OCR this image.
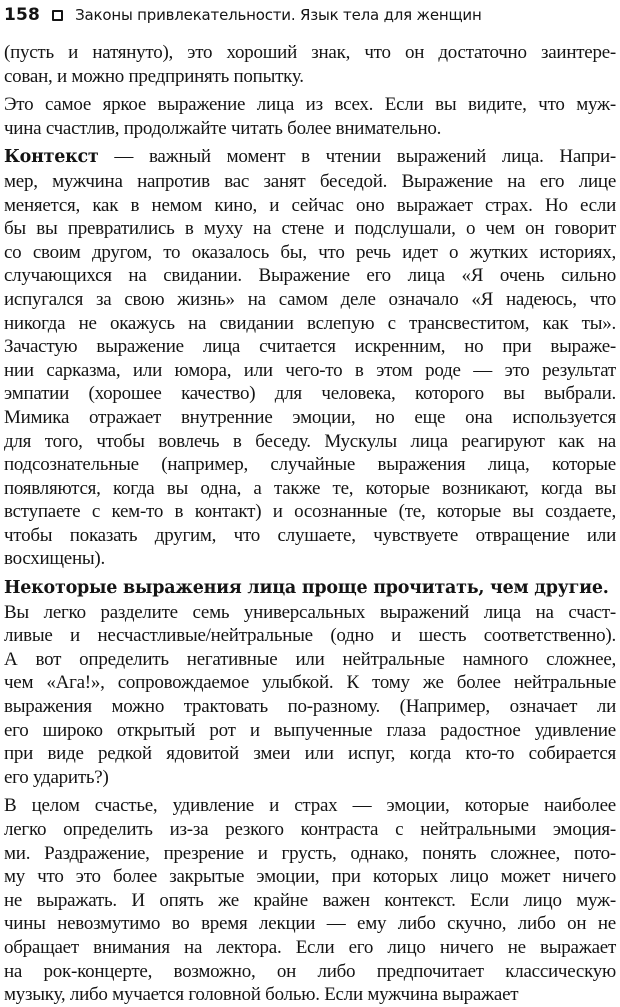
158 Законы привлекательности. Язык тела для женщин
(пусть и натянуто), это хороший знак, что он достаточно заинтере-
сован, и можно предпринять попытку.
Это самое яркое выражение лица из всех. Если вы видите, что муж-
чина счастлив, продолжайте читать более внимательно.
Контекст — важный момент в чтении выражений лица. Напри-
мер, мужчина напротив вас занят беседой. Выражение на его лице
меняется, как в немом кино, и сейчас оно выражает страх. Но если
бы вы превратились в муху на стене и подслушали, о чем он говорит
со своим другом, то оказалось бы, что речь идет о жутких историях,
случающихся на свидании. Выражение его лица «Я очень сильно
испугался за свою жизнь» на самом деле означало «Я надеюсь, что
никогда не окажусь на свидании вслепую с трансвеститом, как ты».
Зачастую выражение лица считается искренним, но при выраже-
нии сарказма, или юмора, или чего-то в этом роде — это результат
эмпатии (хорошее качество) для человека, которого вы выбрали.
Мимика отражает внутренние эмоции, но еще она используется
для того, чтобы вовлечь в беседу. Мускулы лица реагируют как на
подсознательные (например, случайные выражения лица, которые
появляются, когда вы одна, а также те, которые возникают, когда вы
вступаете с кем-то в контакт) и осознанные (те, которые вы создаете,
чтобы показать другим, что слушаете, чувствуете отвращение или
восхищены).
Некоторые выражения лица проще прочитать, чем другие.
Вы легко разделите семь универсальных выражений лица на счаст-
ливые и несчастливые/нейтральные (одно и шесть соответственно).
А вот определить негативные или нейтральные намного сложнее,
чем «Ага!», сопровождаемое улыбкой. К тому же более нейтральные
выражения можно трактовать по-разному. (Например, означает ли
его широко открытый рот и выпученные глаза радостное удивление
при виде редкой ядовитой змеи или испуг, когда кто-то собирается
его ударить?)
В целом счастье, удивление и страх — эмоции, которые наиболее
легко определить из-за резкого контраста с нейтральными эмоция-
ми. Раздражение, презрение и грусть, однако, понять сложнее, пото-
му что это более закрытые эмоции, при которых лицо может ничего
не выражать. И опять же крайне важен контекст. Если лицо муж-
чины невозмутимо во время лекции — ему либо скучно, либо он не
обращает внимания на лектора. Если его лицо ничего не выражает
на рок-концерте, возможно, он либо предпочитает классическую
музыку, либо мучается головной болью. Если мужчина выражает
